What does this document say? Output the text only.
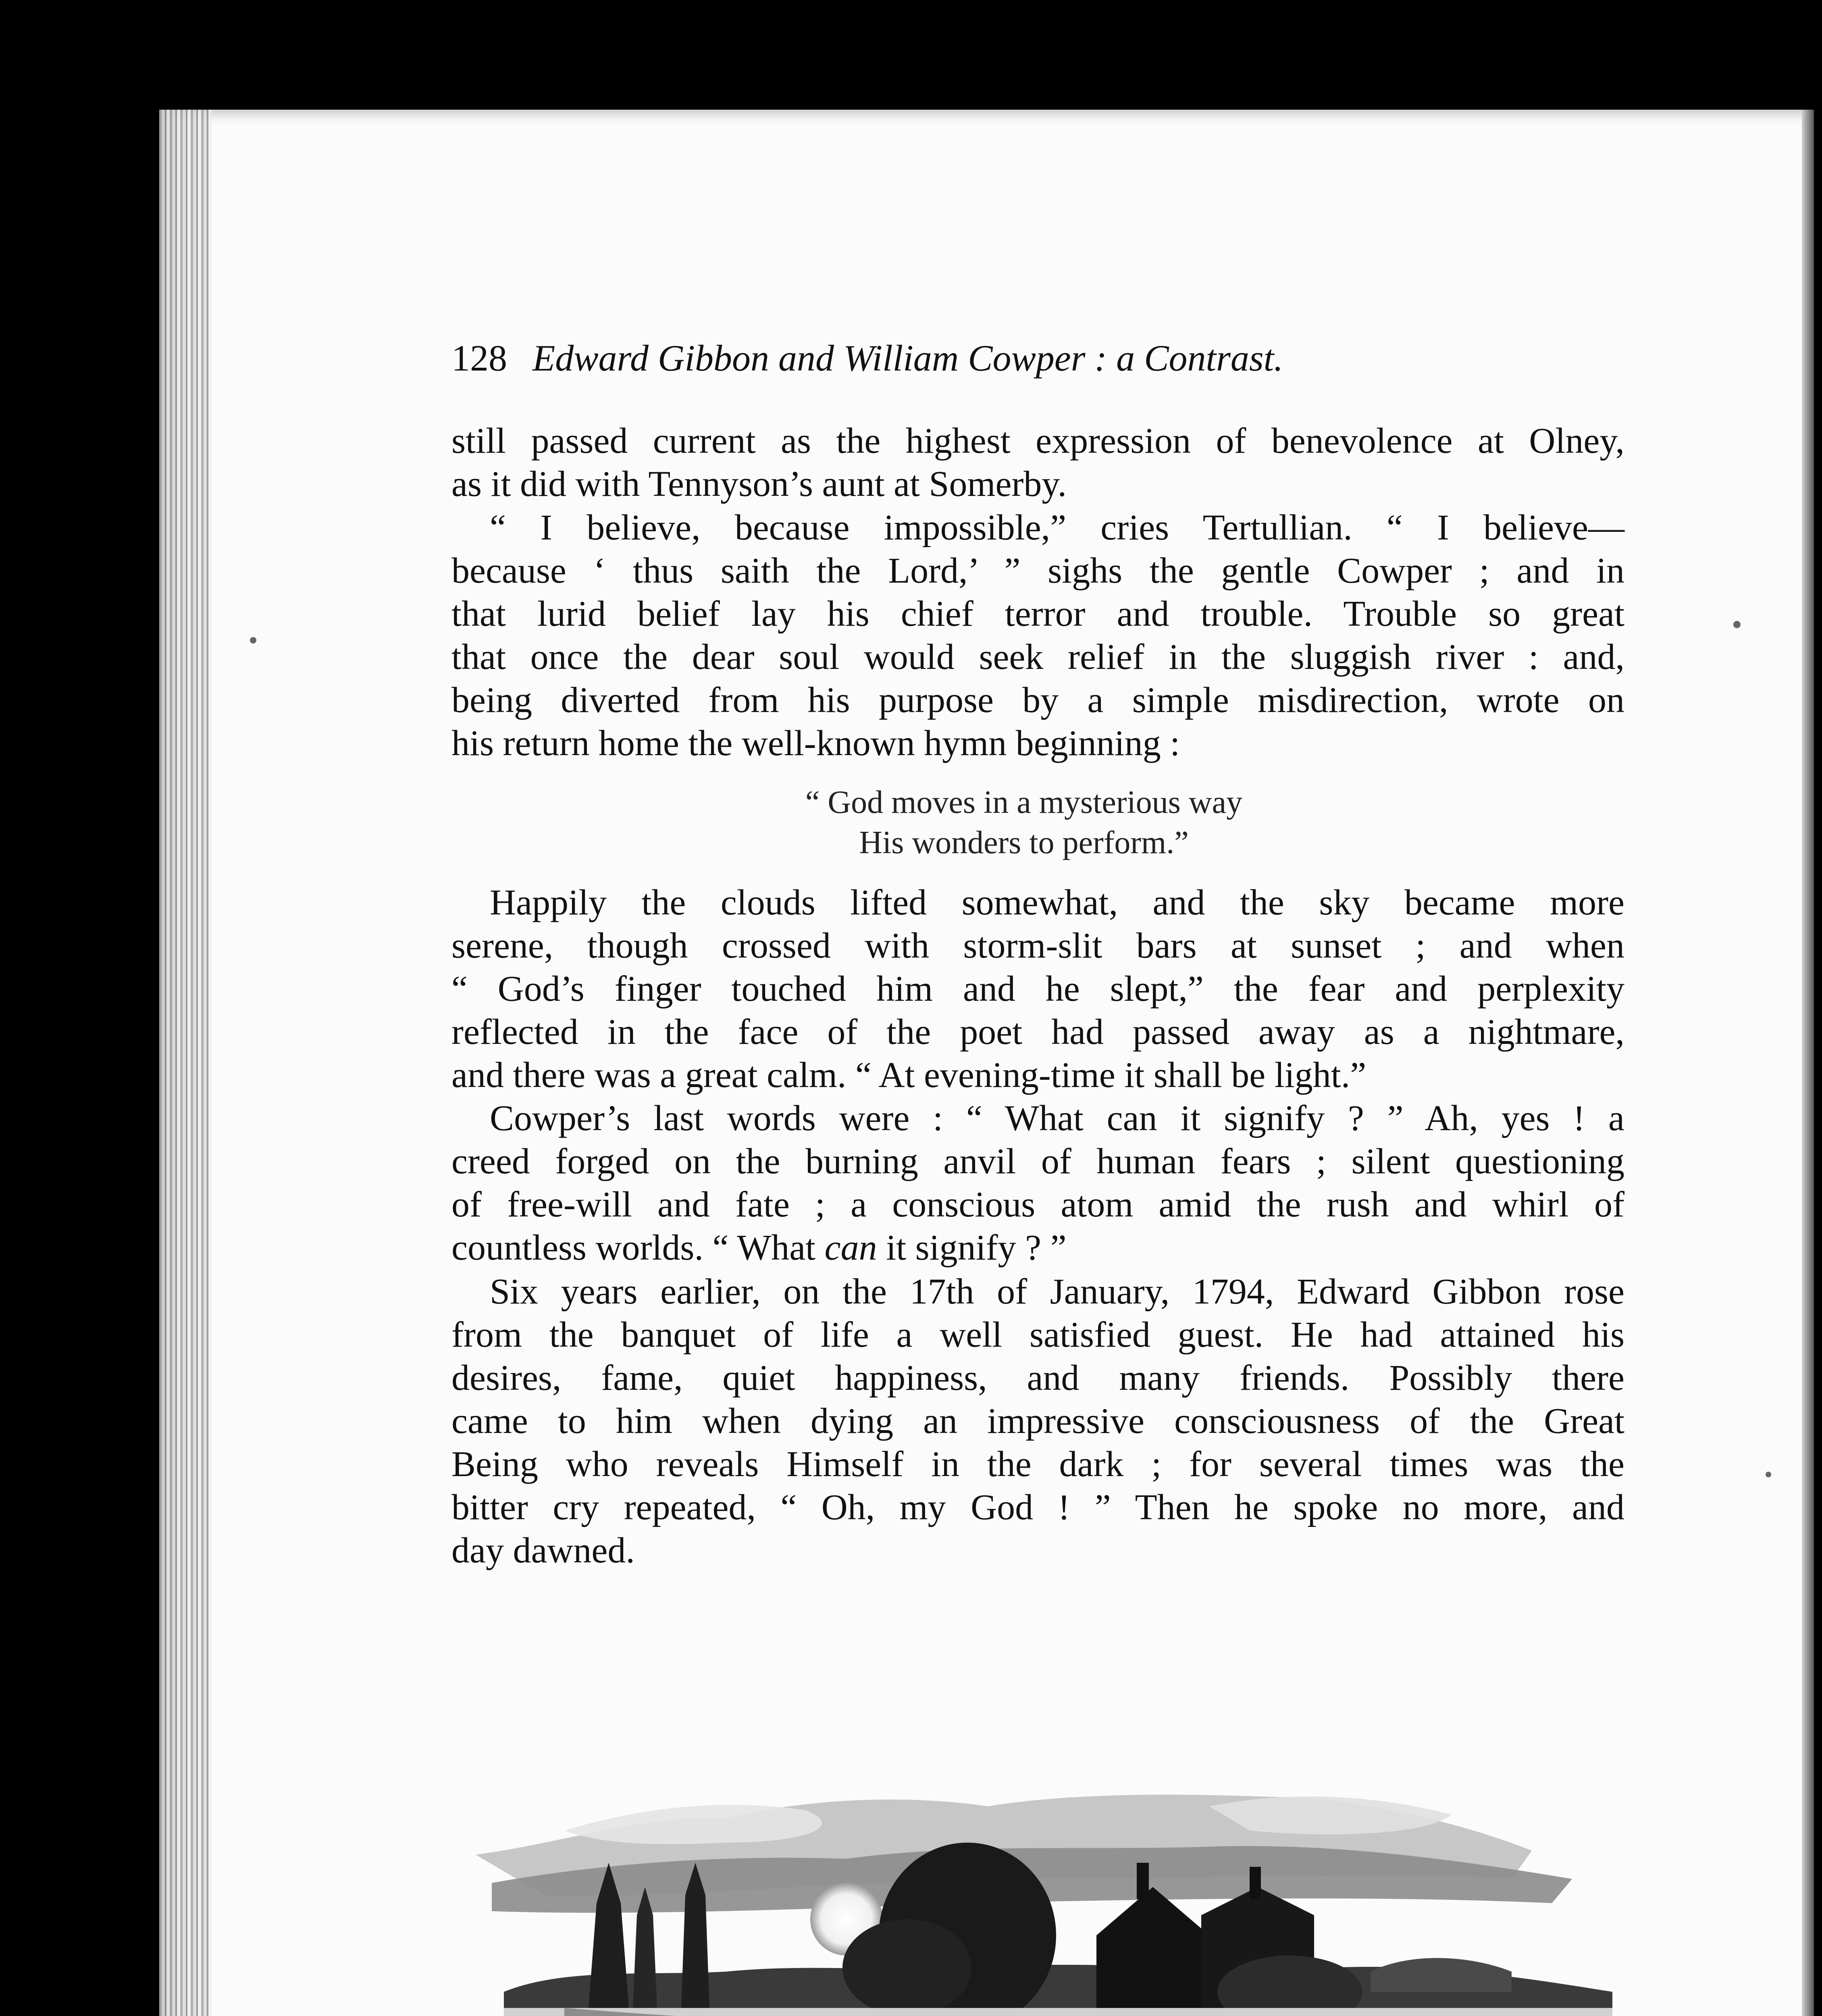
128 Edward Gibbon and William Cowper : a Contrast.
still passed current as the highest expression of benevolence at Olney,
as it did with Tennyson’s aunt at Somerby.
“ I believe, because impossible,” cries Tertullian. “ I believe—
because ‘ thus saith the Lord,’ ” sighs the gentle Cowper ; and in
that lurid belief lay his chief terror and trouble. Trouble so great
that once the dear soul would seek relief in the sluggish river : and,
being diverted from his purpose by a simple misdirection, wrote on
his return home the well-known hymn beginning :
“ God moves in a mysterious way
His wonders to perform.”
Happily the clouds lifted somewhat, and the sky became more
serene, though crossed with storm-slit bars at sunset ; and when
“ God’s finger touched him and he slept,” the fear and perplexity
reflected in the face of the poet had passed away as a nightmare,
and there was a great calm. “ At evening-time it shall be light.”
Cowper’s last words were : “ What can it signify ? ” Ah, yes ! a
creed forged on the burning anvil of human fears ; silent questioning
of free-will and fate ; a conscious atom amid the rush and whirl of
countless worlds. “ What can it signify ? ”
Six years earlier, on the 17th of January, 1794, Edward Gibbon rose
from the banquet of life a well satisfied guest. He had attained his
desires, fame, quiet happiness, and many friends. Possibly there
came to him when dying an impressive consciousness of the Great
Being who reveals Himself in the dark ; for several times was the
bitter cry repeated, “ Oh, my God ! ” Then he spoke no more, and
day dawned.
